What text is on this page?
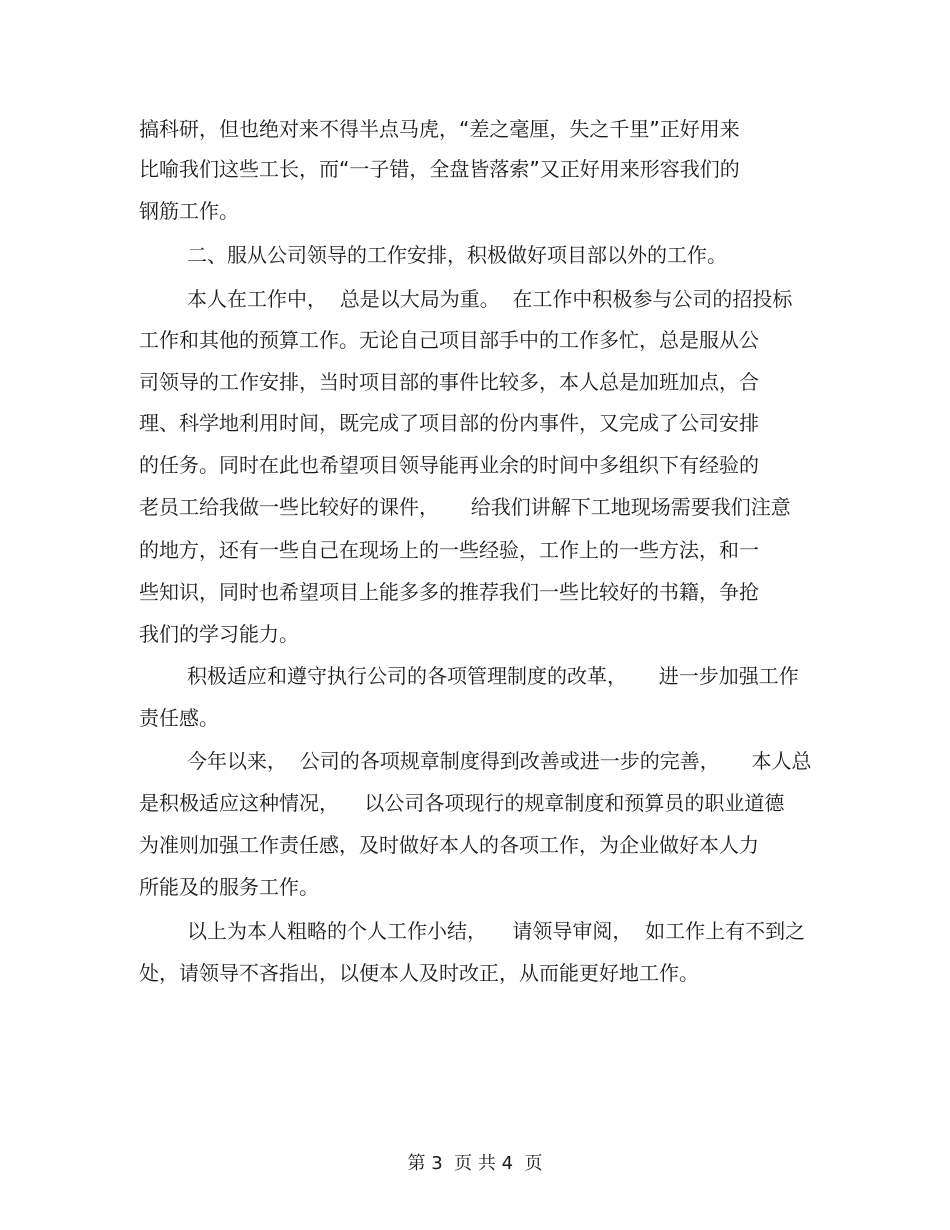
搞科研，但也绝对来不得半点马虎，“差之毫厘，失之千里”正好用来

比喻我们这些工长，而“一子错，全盘皆落索”又正好用来形容我们的

钢筋工作。

二、服从公司领导的工作安排，积极做好项目部以外的工作。

本人在工作中，  总是以大局为重。  在工作中积极参与公司的招投标

工作和其他的预算工作。无论自己项目部手中的工作多忙，总是服从公

司领导的工作安排，当时项目部的事件比较多，本人总是加班加点，合

理、科学地利用时间，既完成了项目部的份内事件，又完成了公司安排

的任务。同时在此也希望项目领导能再业余的时间中多组织下有经验的

老员工给我做一些比较好的课件，     给我们讲解下工地现场需要我们注意

的地方，还有一些自己在现场上的一些经验，工作上的一些方法，和一

些知识，同时也希望项目上能多多的推荐我们一些比较好的书籍，争抢

我们的学习能力。

积极适应和遵守执行公司的各项管理制度的改革，     进一步加强工作

责任感。

今年以来，  公司的各项规章制度得到改善或进一步的完善，     本人总

是积极适应这种情况，    以公司各项现行的规章制度和预算员的职业道德

为准则加强工作责任感，及时做好本人的各项工作，为企业做好本人力

所能及的服务工作。

以上为本人粗略的个人工作小结，    请领导审阅，  如工作上有不到之

处，请领导不吝指出，以便本人及时改正，从而能更好地工作。

第 3  页 共 4  页
